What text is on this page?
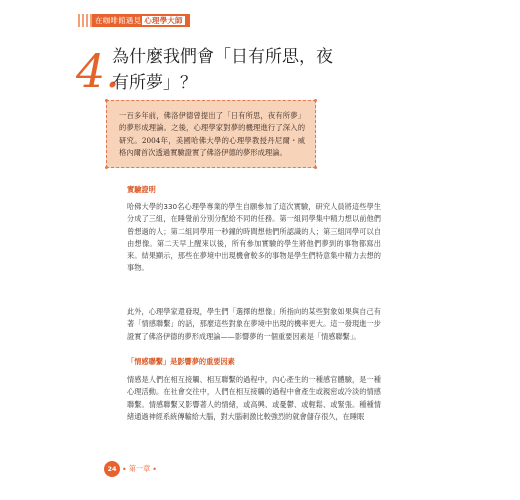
在咖啡館遇見 心理學大師
4.
為什麼我們會「日有所思，夜
有所夢」？
一百多年前，佛洛伊德曾提出了「日有所思，夜有所夢」的夢形成理論。之後，心理學家對夢的機理進行了深入的研究。2004年，美國哈佛大學的心理學教授丹尼爾・威格內爾首次透過實驗證實了佛洛伊德的夢形成理論。
實驗證明
哈佛大學的330名心理學專業的學生自願參加了這次實驗，研究人員將這些學生分成了三組，在睡覺前分別分配給不同的任務。第一組同學集中精力想以前他們曾想過的人；第二組同學用一秒鐘的時間想他們所認識的人；第三組同學可以自由想像。第二天早上醒來以後，所有參加實驗的學生將他們夢到的事物都寫出來。結果顯示，那些在夢境中出現機會較多的事物是學生們特意集中精力去想的事物。
此外，心理學家還發現，學生們「選擇的想像」所指向的某些對象如果與自己有著「情感聯繫」的話，那麼這些對象在夢境中出現的機率更大。這一發現進一步證實了佛洛伊德的夢形成理論——影響夢的一個重要因素是「情感聯繫」。
「情感聯繫」是影響夢的重要因素
情感是人們在相互接觸、相互聯繫的過程中，內心產生的一種感官體驗，是一種心理活動。在社會交往中，人們在相互接觸的過程中會產生或親密或冷淡的情感聯繫。情感聯繫又影響著人的情緒，或高興、或憂鬱、或輕鬆、或緊張。種種情緒通過神經系統傳輸給大腦，對大腦刺激比較強烈的就會儲存很久，在睡眠
24 • 第一章 •
